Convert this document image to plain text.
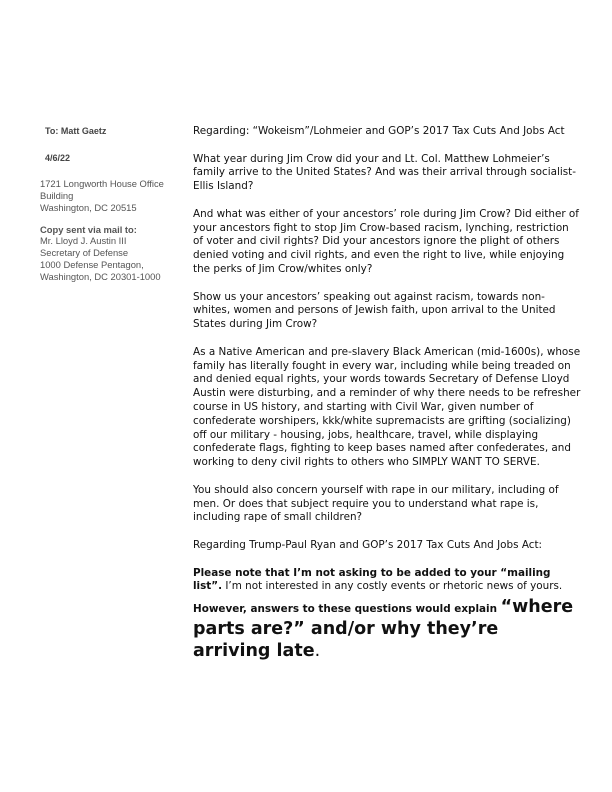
To: Matt Gaetz
4/6/22
1721 Longworth House Office
Building
Washington, DC 20515
Copy sent via mail to:
Mr. Lloyd J. Austin III
Secretary of Defense
1000 Defense Pentagon,
Washington, DC 20301-1000

Regarding: “Wokeism”/Lohmeier and GOP’s 2017 Tax Cuts And Jobs Act

What year during Jim Crow did your and Lt. Col. Matthew Lohmeier’s family arrive to the United States? And was their arrival through socialist-Ellis Island?

And what was either of your ancestors’ role during Jim Crow? Did either of your ancestors fight to stop Jim Crow-based racism, lynching, restriction of voter and civil rights? Did your ancestors ignore the plight of others denied voting and civil rights, and even the right to live, while enjoying the perks of Jim Crow/whites only?

Show us your ancestors’ speaking out against racism, towards non-whites, women and persons of Jewish faith, upon arrival to the United States during Jim Crow?

As a Native American and pre-slavery Black American (mid-1600s), whose family has literally fought in every war, including while being treaded on and denied equal rights, your words towards Secretary of Defense Lloyd Austin were disturbing, and a reminder of why there needs to be refresher course in US history, and starting with Civil War, given number of confederate worshipers, kkk/white supremacists are grifting (socializing) off our military - housing, jobs, healthcare, travel, while displaying confederate flags, fighting to keep bases named after confederates, and working to deny civil rights to others who SIMPLY WANT TO SERVE.

You should also concern yourself with rape in our military, including of men. Or does that subject require you to understand what rape is, including rape of small children?

Regarding Trump-Paul Ryan and GOP’s 2017 Tax Cuts And Jobs Act:

Please note that I’m not asking to be added to your “mailing list”. I’m not interested in any costly events or rhetoric news of yours.

However, answers to these questions would explain “where parts are?” and/or why they’re arriving late.
